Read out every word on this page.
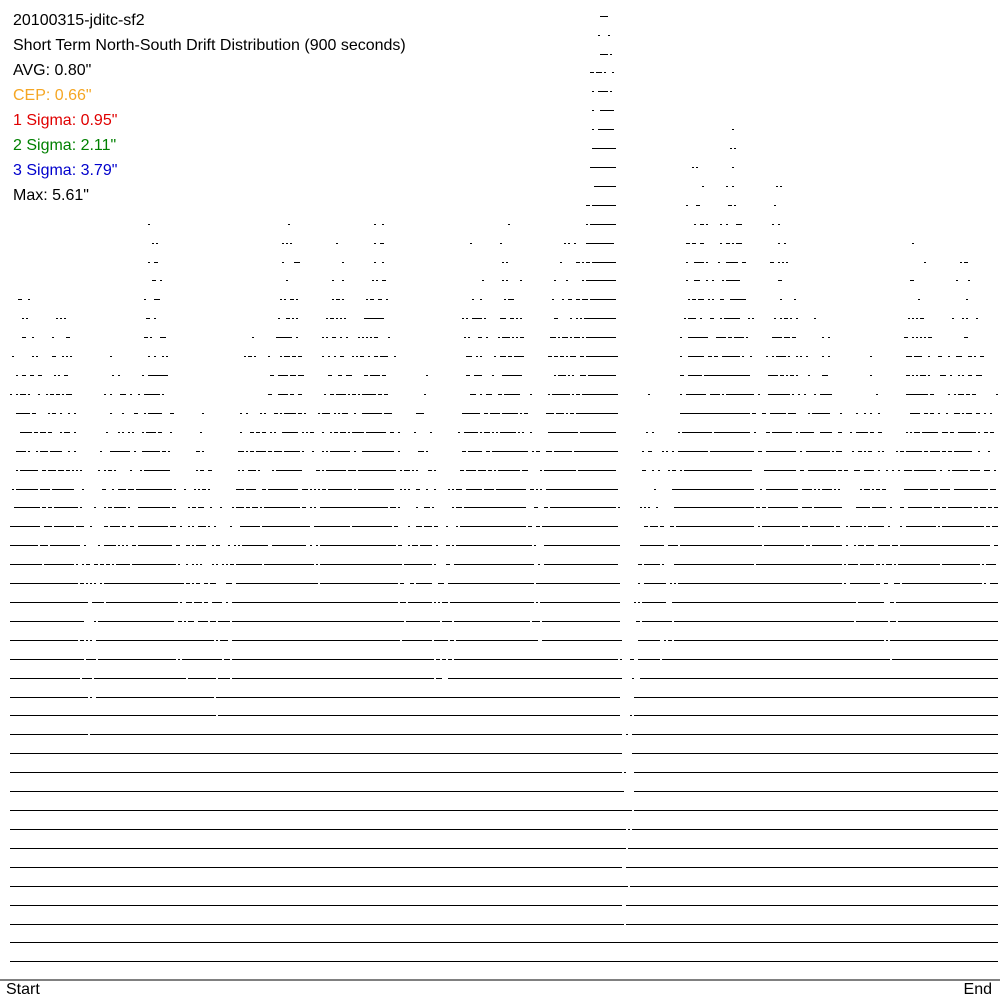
20100315-jditc-sf2
Short Term North-South Drift Distribution (900 seconds)
AVG: 0.80"
CEP: 0.66"
1 Sigma: 0.95"
2 Sigma: 2.11"
3 Sigma: 3.79"
Max: 5.61"
Start	End
